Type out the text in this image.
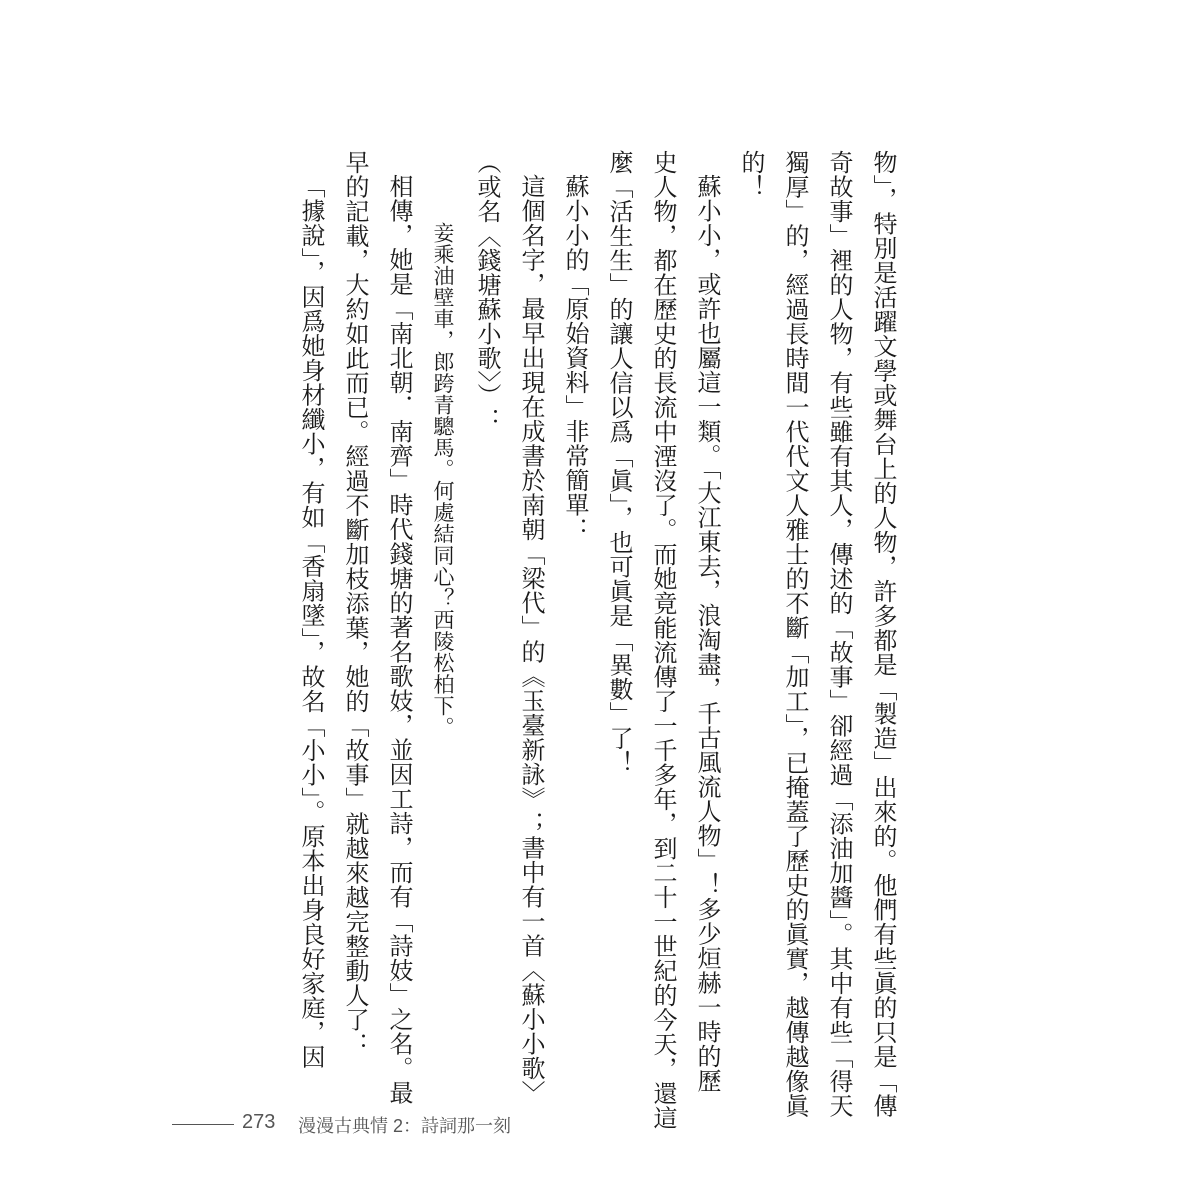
物」，特別是活躍文學或舞台上的人物，許多都是「製造」出來的。他們有些眞的只是「傳
奇故事」裡的人物，有些雖有其人，傳述的「故事」卻經過「添油加醬」。其中有些「得天
獨厚」的，經過長時間一代代文人雅士的不斷「加工」，已掩蓋了歷史的眞實，越傳越像眞
的！
蘇小小，或許也屬這一類。「大江東去，浪淘盡，千古風流人物」！多少烜赫一時的歷
史人物，都在歷史的長流中湮沒了。而她竟能流傳了一千多年，到二十一世紀的今天，還這
麼「活生生」的讓人信以爲「眞」，也可眞是「異數」了！
蘇小小的「原始資料」非常簡單：
這個名字，最早出現在成書於南朝「梁代」的《玉臺新詠》；書中有一首〈蘇小小歌〉
（或名〈錢塘蘇小歌〉）：
妾乘油壁車，郎跨青驄馬。何處結同心？西陵松柏下。
相傳，她是「南北朝．南齊」時代錢塘的著名歌妓，並因工詩，而有「詩妓」之名。最
早的記載，大約如此而已。經過不斷加枝添葉，她的「故事」就越來越完整動人了：
「據說」，因爲她身材纖小，有如「香扇墜」，故名「小小」。原本出身良好家庭，因
273 漫漫古典情 2：詩詞那一刻
